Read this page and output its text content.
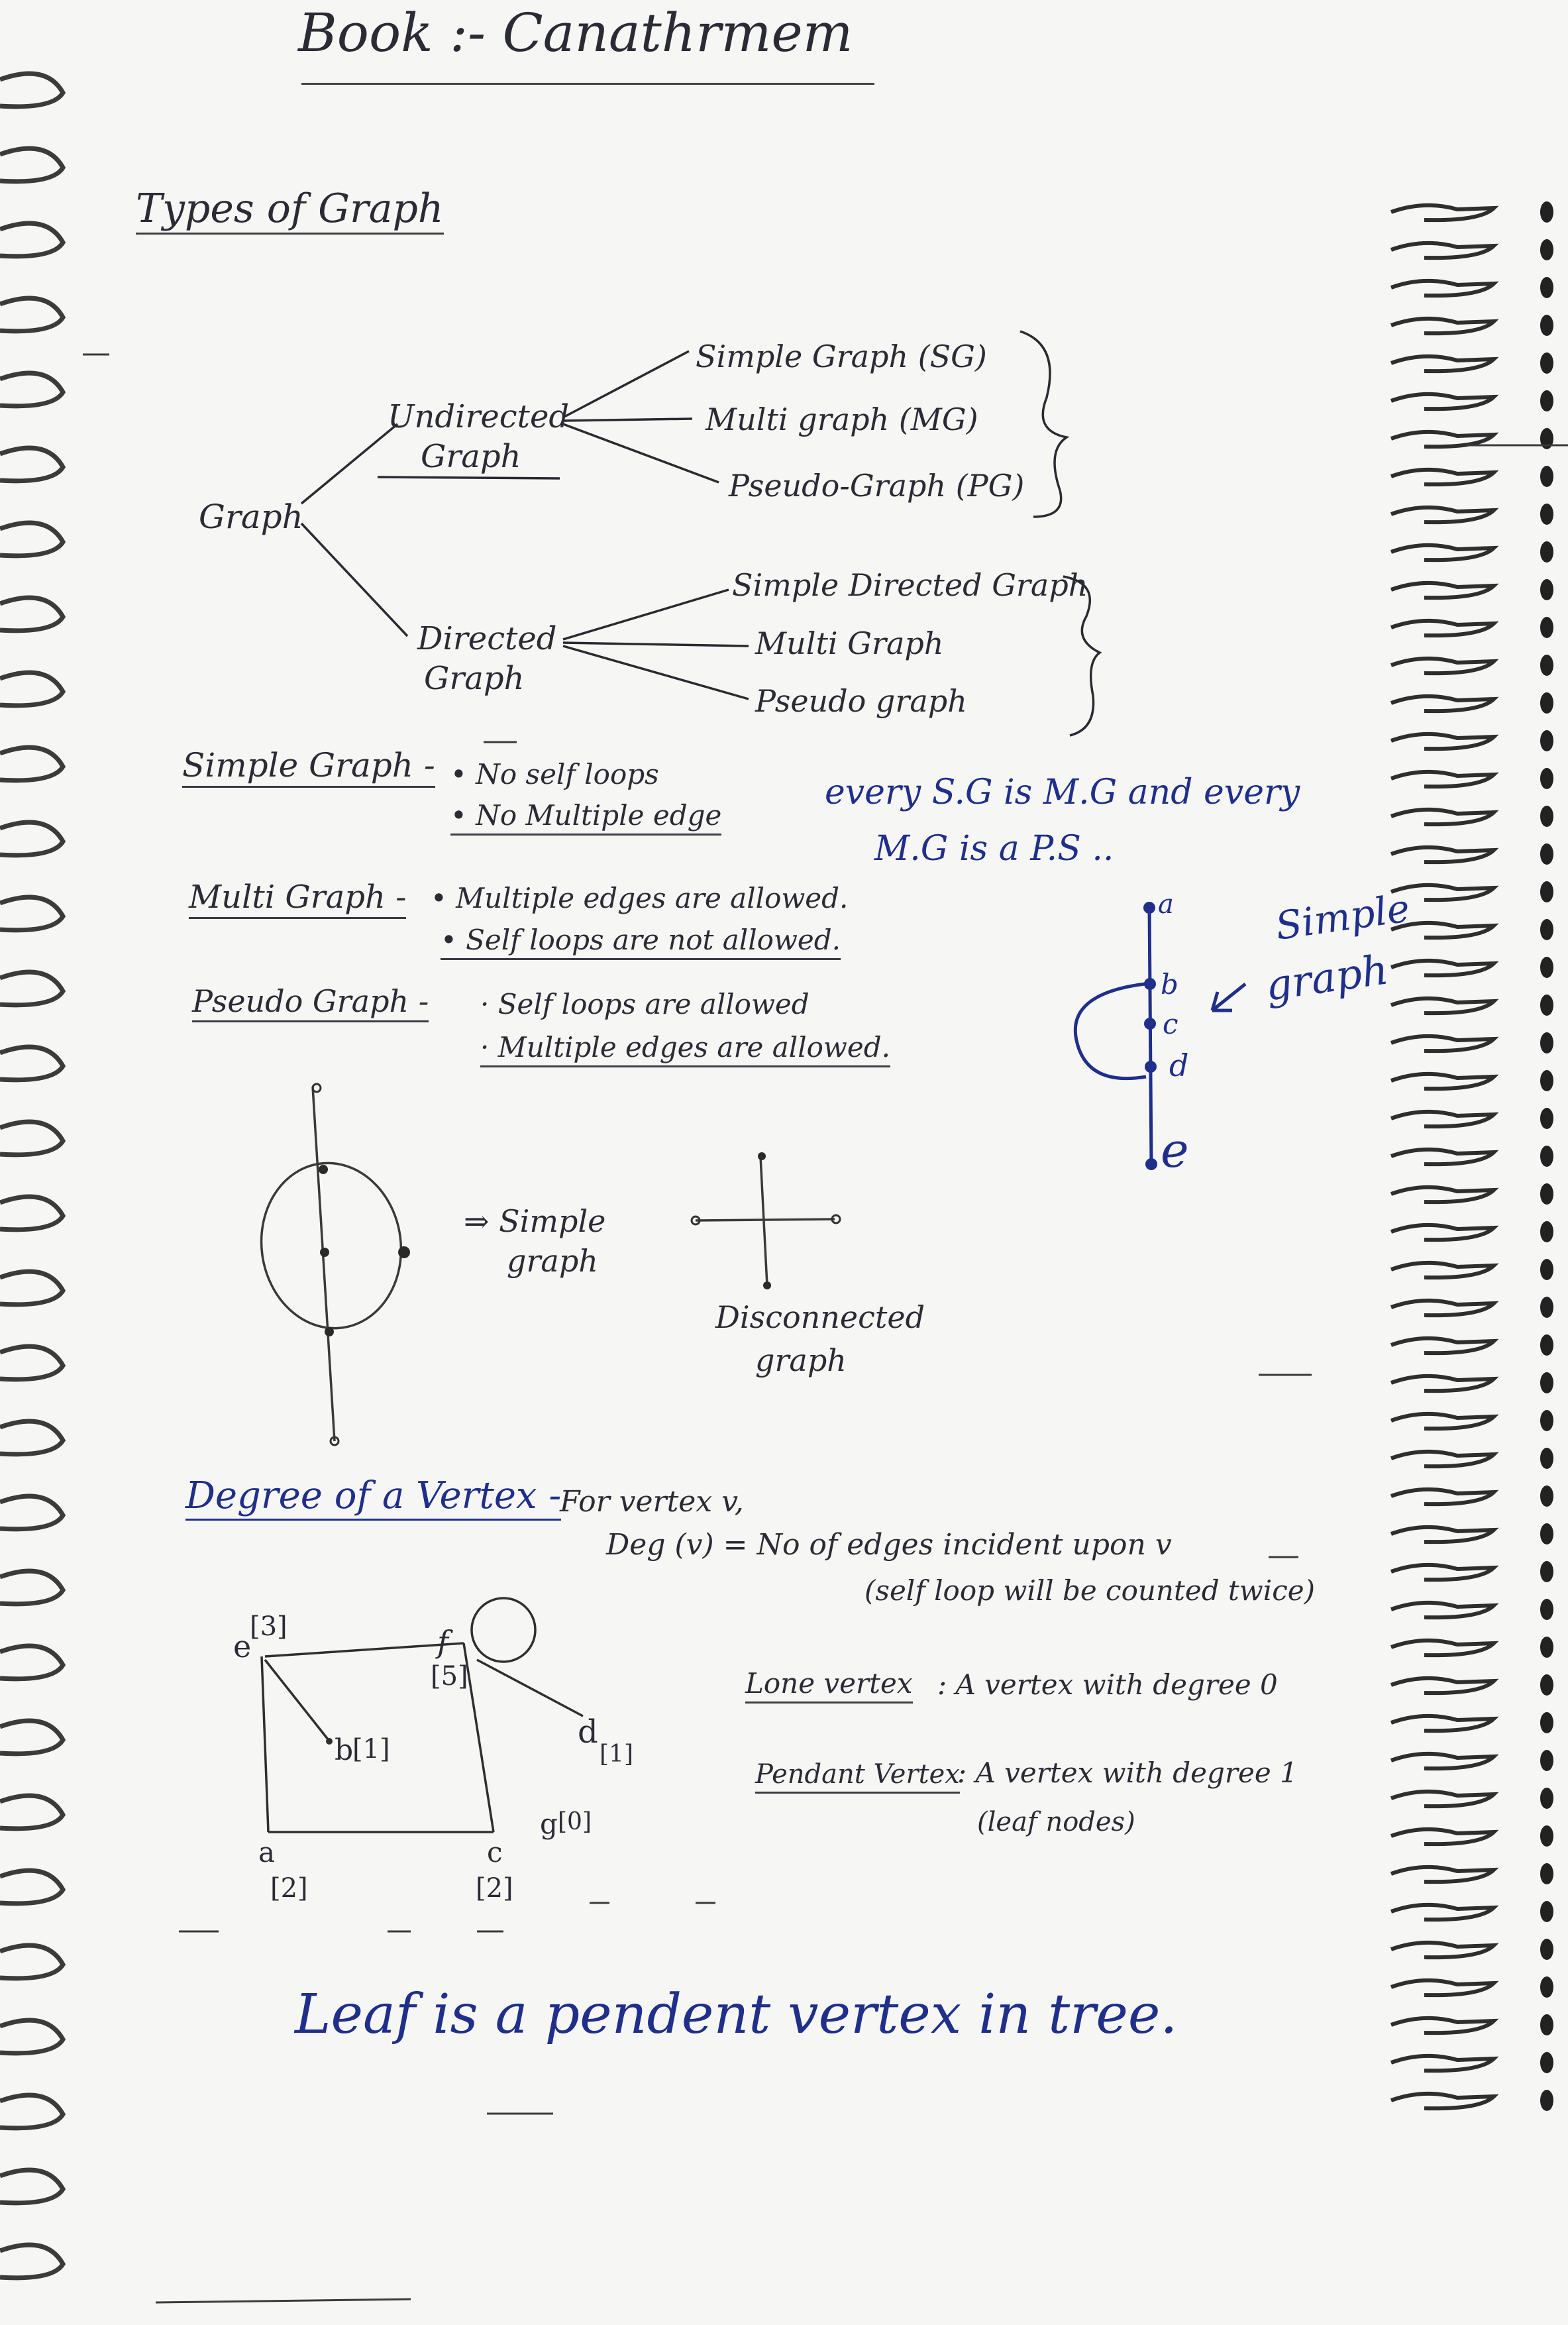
Book :- Canathrmem
Types of Graph
Graph
Undirected
Graph
Directed
Graph
Simple Graph (SG)
Multi graph (MG)
Pseudo-Graph (PG)
Simple Directed Graph
Multi Graph
Pseudo graph
Simple Graph - • No self loops
• No Multiple edge
Multi Graph - • Multiple edges are allowed.
• Self loops are not allowed.
Pseudo Graph - · Self loops are allowed
· Multiple edges are allowed.
every S.G is M.G and every
M.G is a P.S ..
a
b
c
d
e
Simple
graph
⇒ Simple
graph
Disconnected
graph
Degree of a Vertex -
For vertex v,
Deg (v) = No of edges incident upon v
(self loop will be counted twice)
e
[3]	f
[5]
b
[1]	d
[1]
g [0]
a
[2]
c
[2]
Lone vertex : A vertex with degree 0
Pendant Vertex
: A vertex with degree 1
(leaf nodes)
Leaf is a pendent vertex in tree.
